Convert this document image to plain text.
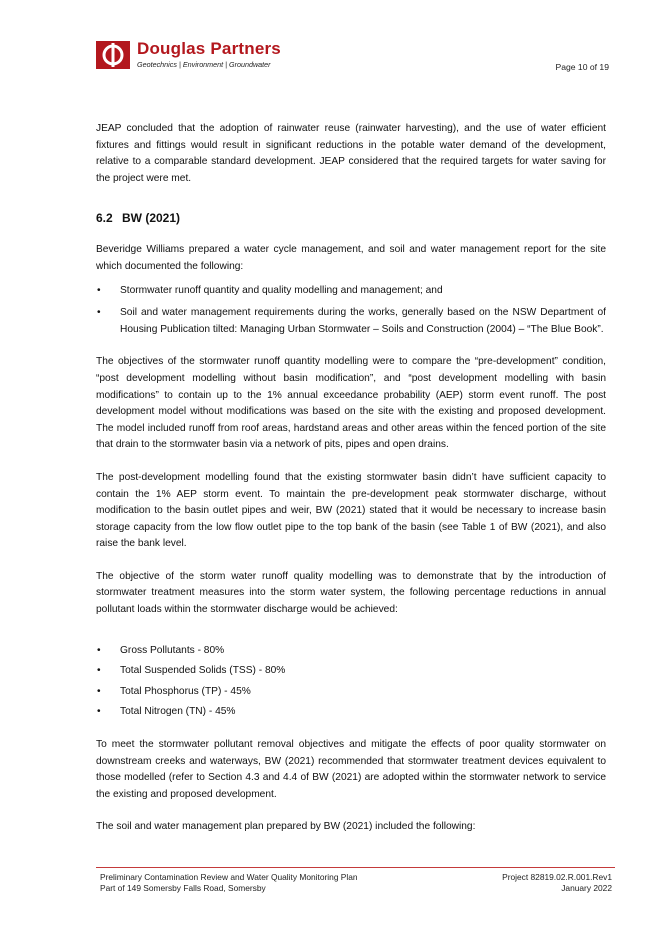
Douglas Partners
Geotechnics | Environment | Groundwater	Page 10 of 19

JEAP concluded that the adoption of rainwater reuse (rainwater harvesting), and the use of water efficient fixtures and fittings would result in significant reductions in the potable water demand of the development, relative to a comparable standard development. JEAP considered that the required targets for water saving for the project were met.

6.2 BW (2021)

Beveridge Williams prepared a water cycle management, and soil and water management report for the site which documented the following:

• Stormwater runoff quantity and quality modelling and management; and
• Soil and water management requirements during the works, generally based on the NSW Department of Housing Publication tilted: Managing Urban Stormwater – Soils and Construction (2004) – “The Blue Book”.

The objectives of the stormwater runoff quantity modelling were to compare the “pre-development” condition, “post development modelling without basin modification”, and “post development modelling with basin modifications” to contain up to the 1% annual exceedance probability (AEP) storm event runoff. The post development model without modifications was based on the site with the existing and proposed development. The model included runoff from roof areas, hardstand areas and other areas within the fenced portion of the site that drain to the stormwater basin via a network of pits, pipes and open drains.

The post-development modelling found that the existing stormwater basin didn’t have sufficient capacity to contain the 1% AEP storm event. To maintain the pre-development peak stormwater discharge, without modification to the basin outlet pipes and weir, BW (2021) stated that it would be necessary to increase basin storage capacity from the low flow outlet pipe to the top bank of the basin (see Table 1 of BW (2021), and also raise the bank level.

The objective of the storm water runoff quality modelling was to demonstrate that by the introduction of stormwater treatment measures into the storm water system, the following percentage reductions in annual pollutant loads within the stormwater discharge would be achieved:

• Gross Pollutants - 80%
• Total Suspended Solids (TSS) - 80%
• Total Phosphorus (TP) - 45%
• Total Nitrogen (TN) - 45%

To meet the stormwater pollutant removal objectives and mitigate the effects of poor quality stormwater on downstream creeks and waterways, BW (2021) recommended that stormwater treatment devices equivalent to those modelled (refer to Section 4.3 and 4.4 of BW (2021) are adopted within the stormwater network to service the existing and proposed development.

The soil and water management plan prepared by BW (2021) included the following:

Preliminary Contamination Review and Water Quality Monitoring Plan
Part of 149 Somersby Falls Road, Somersby
Project 82819.02.R.001.Rev1
January 2022
